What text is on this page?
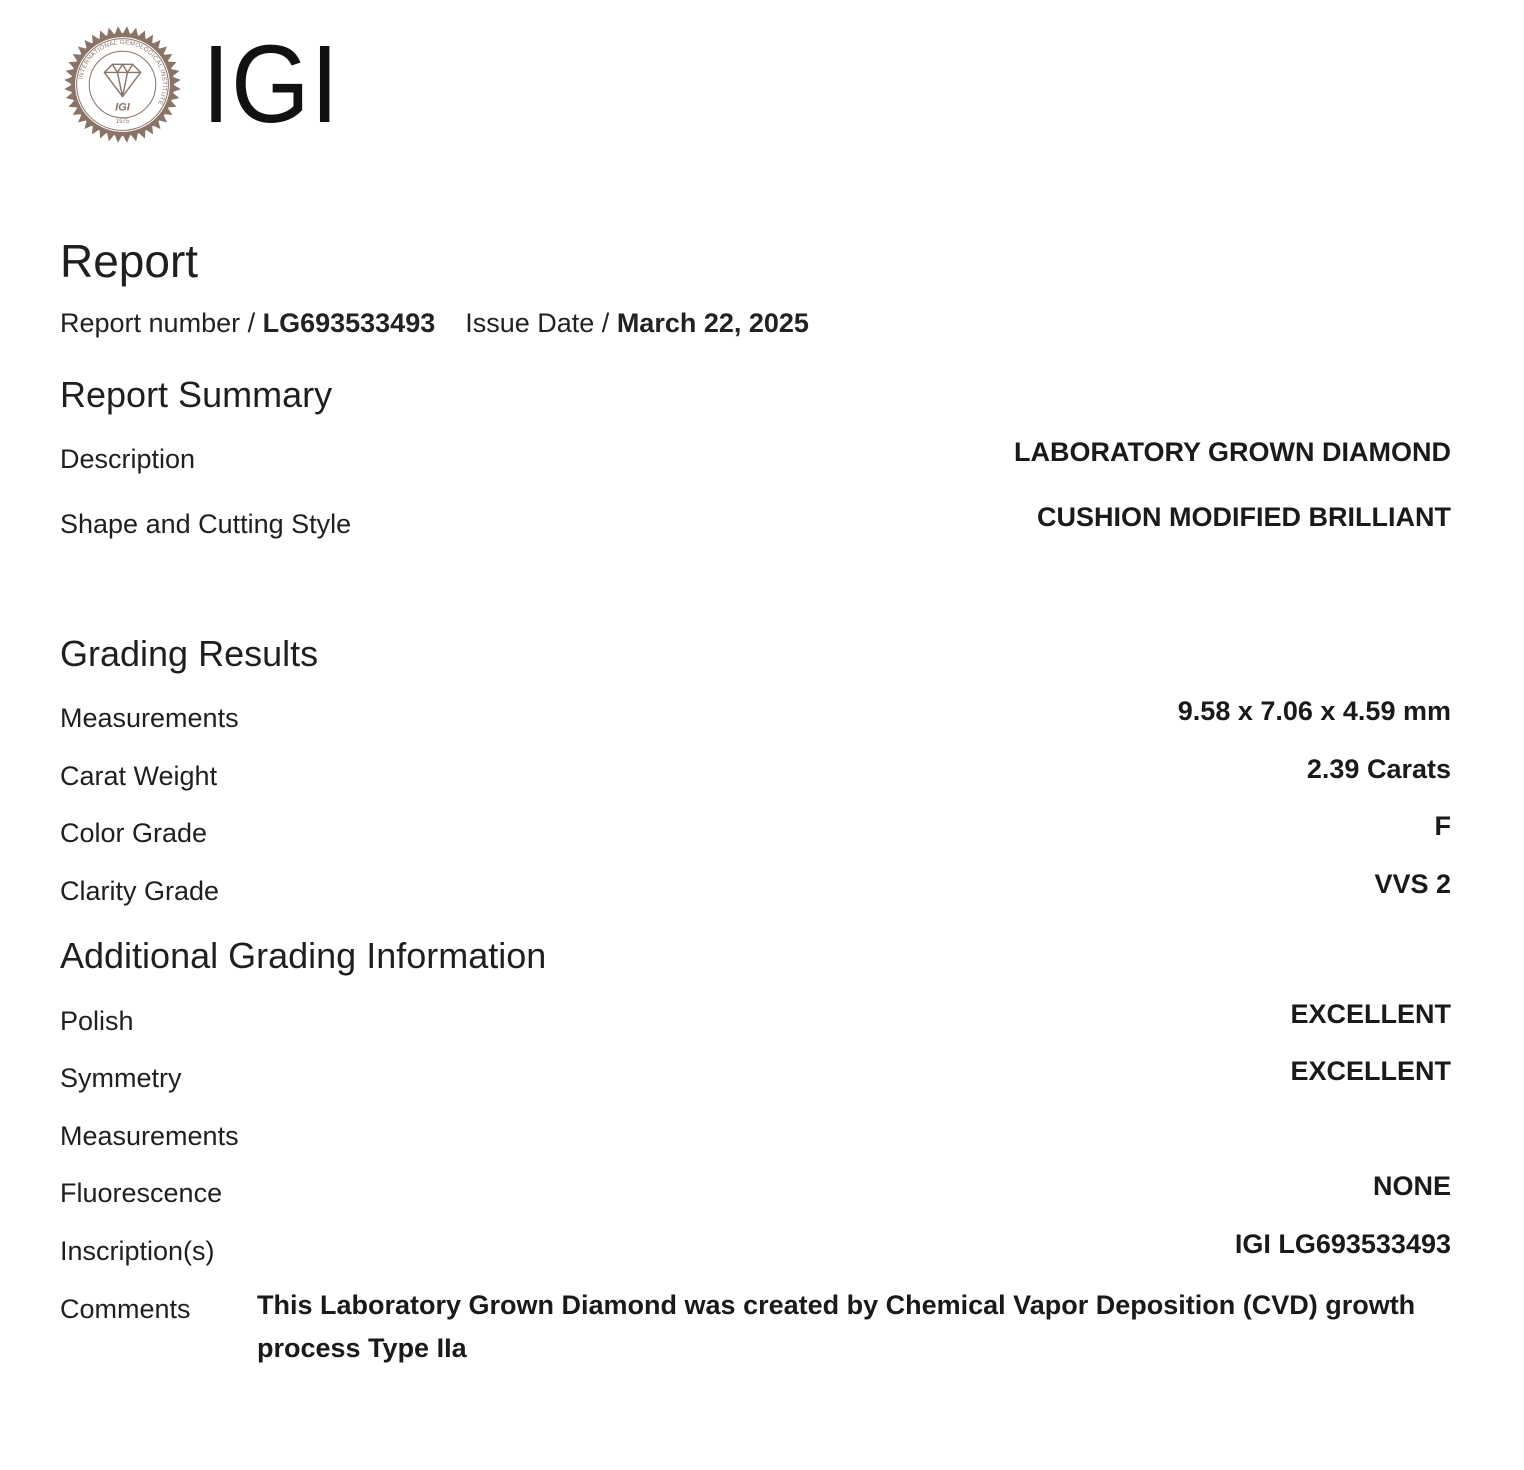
INTERNATIONAL GEMOLOGICAL INSTITUTE
IGI
1975 IGI
Report
Report number / LG693533493 Issue Date / March 22, 2025
Report Summary
Description	LABORATORY GROWN DIAMOND
Shape and Cutting Style	CUSHION MODIFIED BRILLIANT
Grading Results
Measurements	9.58 x 7.06 x 4.59 mm
Carat Weight	2.39 Carats
Color Grade	F
Clarity Grade	VVS 2
Additional Grading Information
Polish	EXCELLENT
Symmetry	EXCELLENT
Measurements
Fluorescence	NONE
Inscription(s)	IGI LG693533493
Comments This Laboratory Grown Diamond was created by Chemical Vapor Deposition (CVD) growth process Type IIa
